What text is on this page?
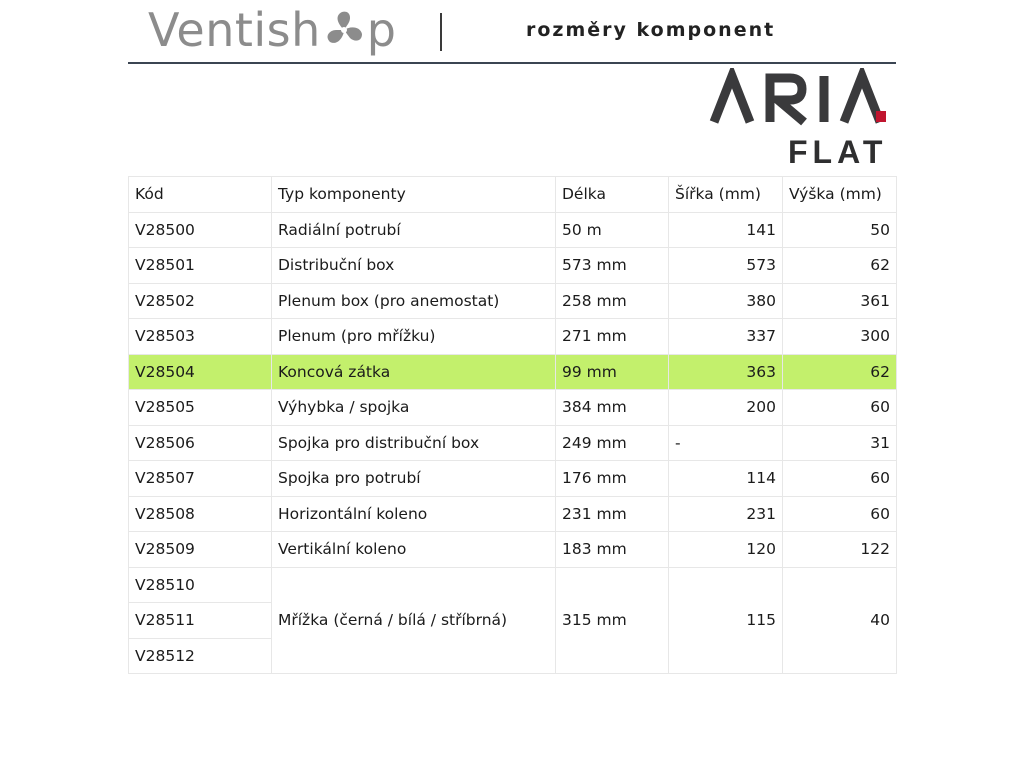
Ventish p	rozměry komponent
FLAT
ARIA
Kód	Typ komponenty	Délka	Šířka (mm)	Výška (mm)
V28500	Radiální potrubí	50 m	141	50
V28501	Distribuční box	573 mm	573	62
V28502	Plenum box (pro anemostat)	258 mm	380	361
V28503	Plenum (pro mřížku)	271 mm	337	300
V28504	Koncová zátka	99 mm	363	62
V28505	Výhybka / spojka	384 mm	200	60
V28506	Spojka pro distribuční box	249 mm	-	31
V28507	Spojka pro potrubí	176 mm	114	60
V28508	Horizontální koleno	231 mm	231	60
V28509	Vertikální koleno	183 mm	120	122
V28510	Mřížka (černá / bílá / stříbrná)	315 mm	115	40
V28511				
V28512				
